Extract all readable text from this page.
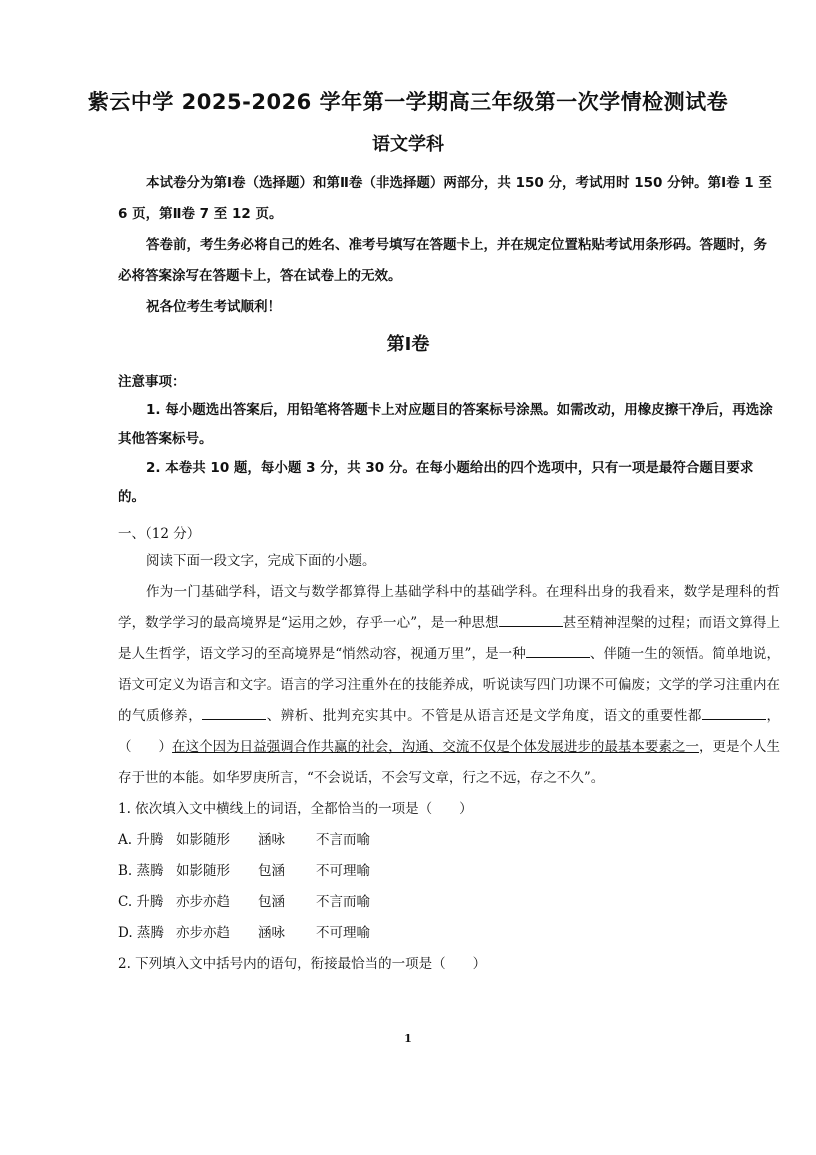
紫云中学 2025-2026 学年第一学期高三年级第一次学情检测试卷
语文学科
本试卷分为第Ⅰ卷（选择题）和第Ⅱ卷（非选择题）两部分，共 150 分，考试用时 150 分钟。第Ⅰ卷 1 至 6 页，第Ⅱ卷 7 至 12 页。
答卷前，考生务必将自己的姓名、准考号填写在答题卡上，并在规定位置粘贴考试用条形码。答题时，务必将答案涂写在答题卡上，答在试卷上的无效。
祝各位考生考试顺利！
第Ⅰ卷
注意事项：

1. 每小题选出答案后，用铅笔将答题卡上对应题目的答案标号涂黑。如需改动，用橡皮擦干净后，再选涂其他答案标号。

2. 本卷共 10 题，每小题 3 分，共 30 分。在每小题给出的四个选项中，只有一项是最符合题目要求的。

一、（12 分）

阅读下面一段文字，完成下面的小题。

作为一门基础学科，语文与数学都算得上基础学科中的基础学科。在理科出身的我看来，数学是理科的哲学，数学学习的最高境界是“运用之妙，存乎一心”，是一种思想	甚至精神涅槃的过程；而语文算得上是人生哲学，语文学习的至高境界是“悄然动容，视通万里”，是一种	、伴随一生的领悟。简单地说，语文可定义为语言和文字。语言的学习注重外在的技能养成，听说读写四门功课不可偏废；文学的学习注重内在的气质修养，	、辨析、批判充实其中。不管是从语言还是文学角度，语文的重要性都	，（　　）在这个因为日益强调合作共赢的社会，沟通、交流不仅是个体发展进步的最基本要素之一，更是个人生存于世的本能。如华罗庚所言，“不会说话，不会写文章，行之不远，存之不久”。

1. 依次填入文中横线上的词语，全都恰当的一项是（　　）

A. 升腾 如影随形	涵咏	不言而喻
B. 蒸腾 如影随形	包涵	不可理喻
C. 升腾 亦步亦趋	包涵	不言而喻
D. 蒸腾 亦步亦趋	涵咏	不可理喻

2. 下列填入文中括号内的语句，衔接最恰当的一项是（　　）

1
